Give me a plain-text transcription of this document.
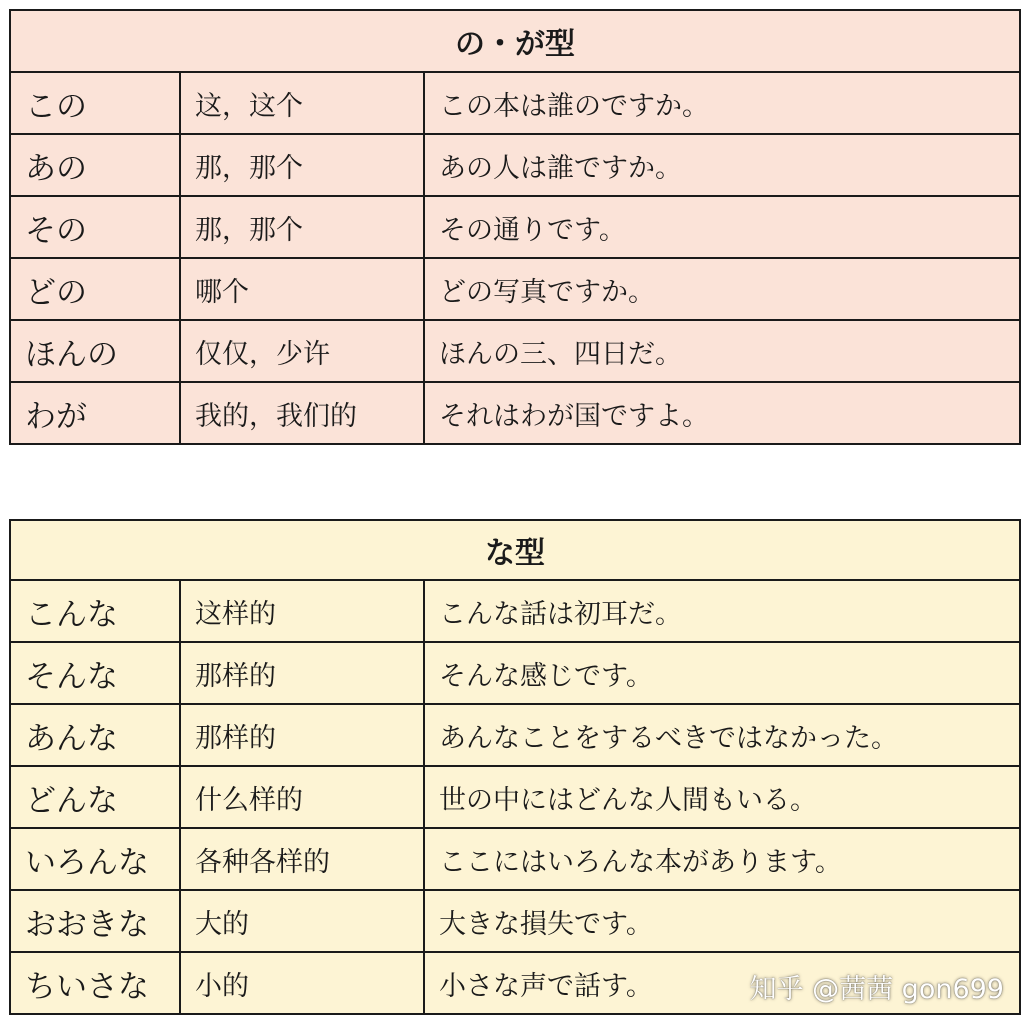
の・が型		
この	这，这个	この本は誰のですか。
あの	那，那个	あの人は誰ですか。
その	那，那个	その通りです。
どの	哪个	どの写真ですか。
ほんの	仅仅，少许	ほんの三、四日だ。
わが	我的，我们的	それはわが国ですよ。
な型		
こんな	这样的	こんな話は初耳だ。
そんな	那样的	そんな感じです。
あんな	那样的	あんなことをするべきではなかった。
どんな	什么样的	世の中にはどんな人間もいる。
いろんな	各种各样的	ここにはいろんな本があります。
おおきな	大的	大きな損失です。
ちいさな	小的	小さな声で話す。	知乎 @茜茜 gon699
